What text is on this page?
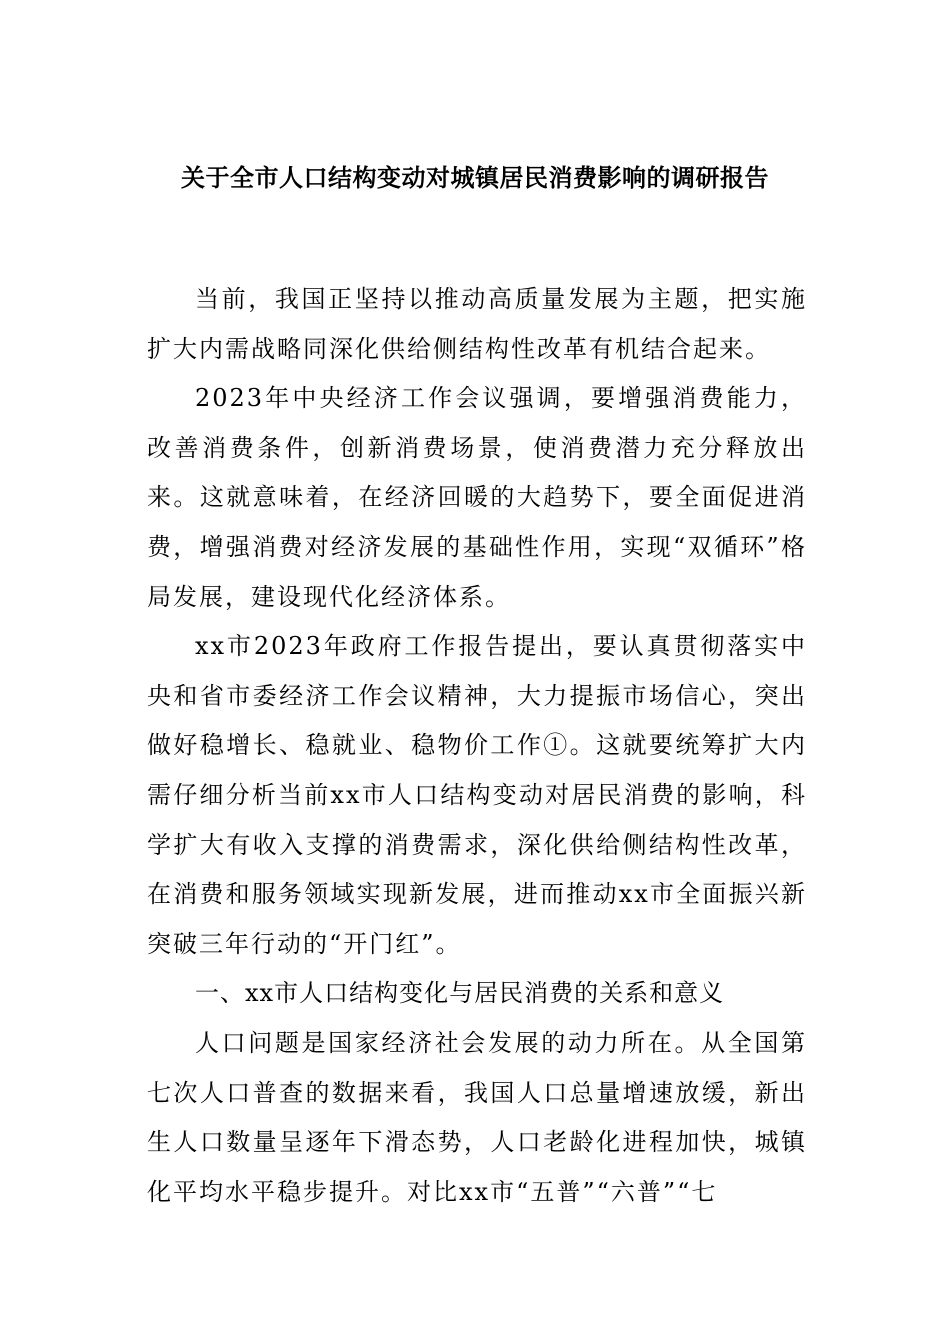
关于全市人口结构变动对城镇居民消费影响的调研报告

当前，我国正坚持以推动高质量发展为主题，把实施扩大内需战略同深化供给侧结构性改革有机结合起来。

2023年中央经济工作会议强调，要增强消费能力，改善消费条件，创新消费场景，使消费潜力充分释放出来。这就意味着，在经济回暖的大趋势下，要全面促进消费，增强消费对经济发展的基础性作用，实现“双循环”格局发展，建设现代化经济体系。

xx市2023年政府工作报告提出，要认真贯彻落实中央和省市委经济工作会议精神，大力提振市场信心，突出做好稳增长、稳就业、稳物价工作①。这就要统筹扩大内需仔细分析当前xx市人口结构变动对居民消费的影响，科学扩大有收入支撑的消费需求，深化供给侧结构性改革，在消费和服务领域实现新发展，进而推动xx市全面振兴新突破三年行动的“开门红”。

一、xx市人口结构变化与居民消费的关系和意义

人口问题是国家经济社会发展的动力所在。从全国第七次人口普查的数据来看，我国人口总量增速放缓，新出生人口数量呈逐年下滑态势，人口老龄化进程加快，城镇化平均水平稳步提升。对比xx市“五普”“六普”“七
